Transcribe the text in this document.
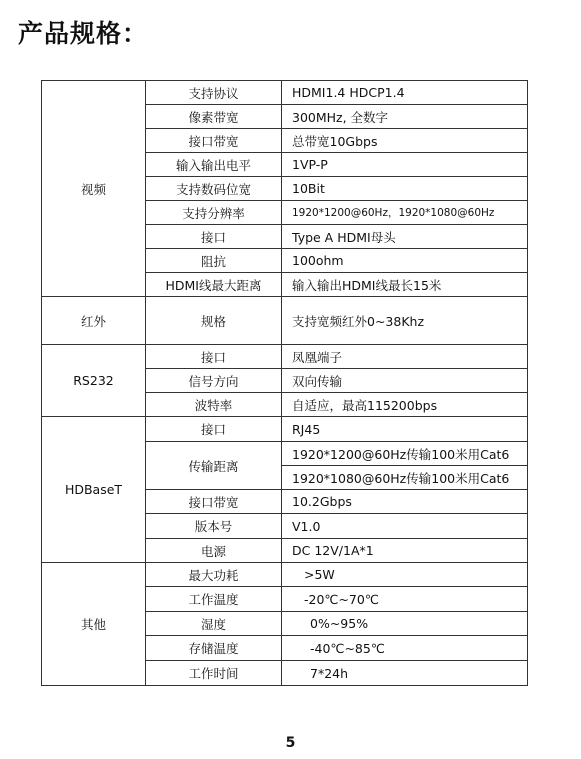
产品规格：
视频	支持协议	HDMI1.4 HDCP1.4
	像素带宽	300MHz, 全数字
	接口带宽	总带宽10Gbps
	输入输出电平	1VP-P
	支持数码位宽	10Bit
	支持分辨率	1920*1200@60Hz，1920*1080@60Hz
	接口	Type A HDMI母头
	阻抗	100ohm
	HDMI线最大距离	输入输出HDMI线最长15米
红外	规格	支持宽频红外0~38Khz
RS232	接口	凤凰端子
	信号方向	双向传输
	波特率	自适应，最高115200bps
HDBaseT	接口	RJ45
	传输距离	1920*1200@60Hz传输100米用Cat6
		1920*1080@60Hz传输100米用Cat6
	接口带宽	10.2Gbps
	版本号	V1.0
	电源	DC 12V/1A*1
其他	最大功耗	>5W
	工作温度	-20℃~70℃
	湿度	0%~95%
	存储温度	-40℃~85℃
	工作时间	7*24h
5
